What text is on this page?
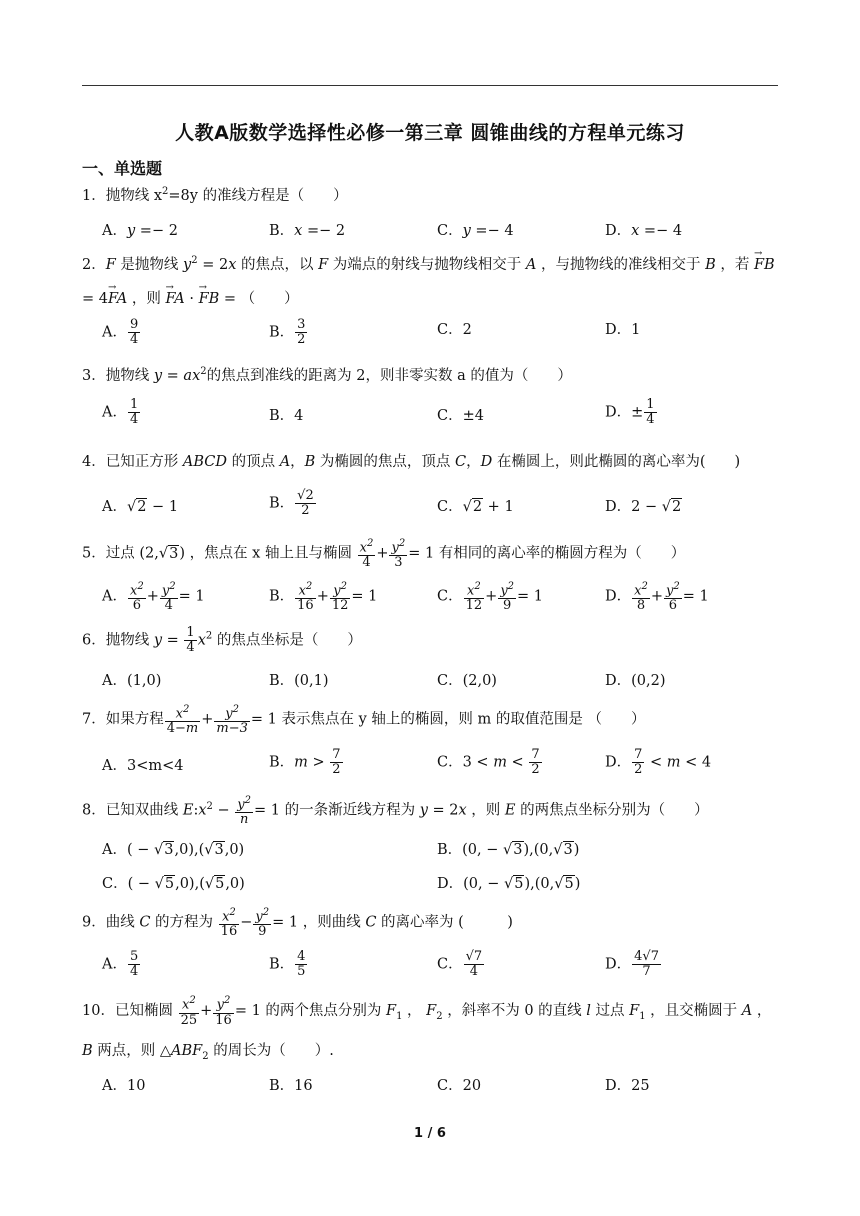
人教A版数学选择性必修一第三章 圆锥曲线的方程单元练习
一、单选题
1．抛物线 $x^2=8y$ 的准线方程是（　　）
A．y =− 2	B．x =− 2	C．y =− 4	D．x =− 4
2．F 是抛物线 $y^2 = 2x$ 的焦点，以 F 为端点的射线与抛物线相交于 A ，与抛物线的准线相交于 B ，若 → FB = 4→ FA ，则 → FA · → FB = （　　）
A． $\frac{9}{4}$	B． $\frac{3}{2}$	C．2	D．1
3．抛物线 $y = ax^2$的焦点到准线的距离为 2，则非零实数 a 的值为（　　）
A． $\frac{1}{4}$	B．4	C．±4	D．± $\frac{1}{4}$
4．已知正方形 ABCD 的顶点 A，B 为椭圆的焦点，顶点 C，D 在椭圆上，则此椭圆的离心率为(　　)
A．√2 − 1	B． $\frac{√2}{2}$	C．√2 + 1	D．2 − √2
5．过点 (2,√3) ，焦点在 x 轴上且与椭圆 $\frac{x^2}{4} + \frac{y^2}{3} = 1$ 有相同的离心率的椭圆方程为（　　）
A． $\frac{x^2}{6} + \frac{y^2}{4} = 1$	B． $\frac{x^2}{16} + \frac{y^2}{12} = 1$	C． $\frac{x^2}{12} + \frac{y^2}{9} = 1$	D． $\frac{x^2}{8} + \frac{y^2}{6} = 1$
6．抛物线 $y = \frac{1}{4} x^2$ 的焦点坐标是（　　）
A．(1,0)	B．(0,1)	C．(2,0)	D．(0,2)
7．如果方程 $\frac{x^2}{4-m} + \frac{y^2}{m-3} = 1$ 表示焦点在 y 轴上的椭圆，则 m 的取值范围是 （　　）
A．3<m<4	B．$m > \frac{7}{2}$	C．$3 < m < \frac{7}{2}$	D． $\frac{7}{2} < m < 4$
8．已知双曲线 $E:x^2 - \frac{y^2}{n} = 1$ 的一条渐近线方程为 y = 2x ，则 E 的两焦点坐标分别为（　　）
A．( − √3,0),(√3,0)	B．(0, − √3),(0,√3)
C．( − √5,0),(√5,0)	D．(0, − √5),(0,√5)
9．曲线 C 的方程为 $\frac{x^2}{16} - \frac{y^2}{9} = 1$ ，则曲线 C 的离心率为 (　　　)
A． $\frac{5}{4}$	B． $\frac{4}{5}$	C． $\frac{√7}{4}$	D． $\frac{4√7}{7}$
10．已知椭圆 $\frac{x^2}{25} + \frac{y^2}{16} = 1$ 的两个焦点分别为 $F_1$ ， $F_2$ ，斜率不为 0 的直线 l 过点 $F_1$ ，且交椭圆于 A ， B 两点，则 $\triangle ABF_2$ 的周长为（　　）.
A．10	B．16	C．20	D．25
1 / 6
